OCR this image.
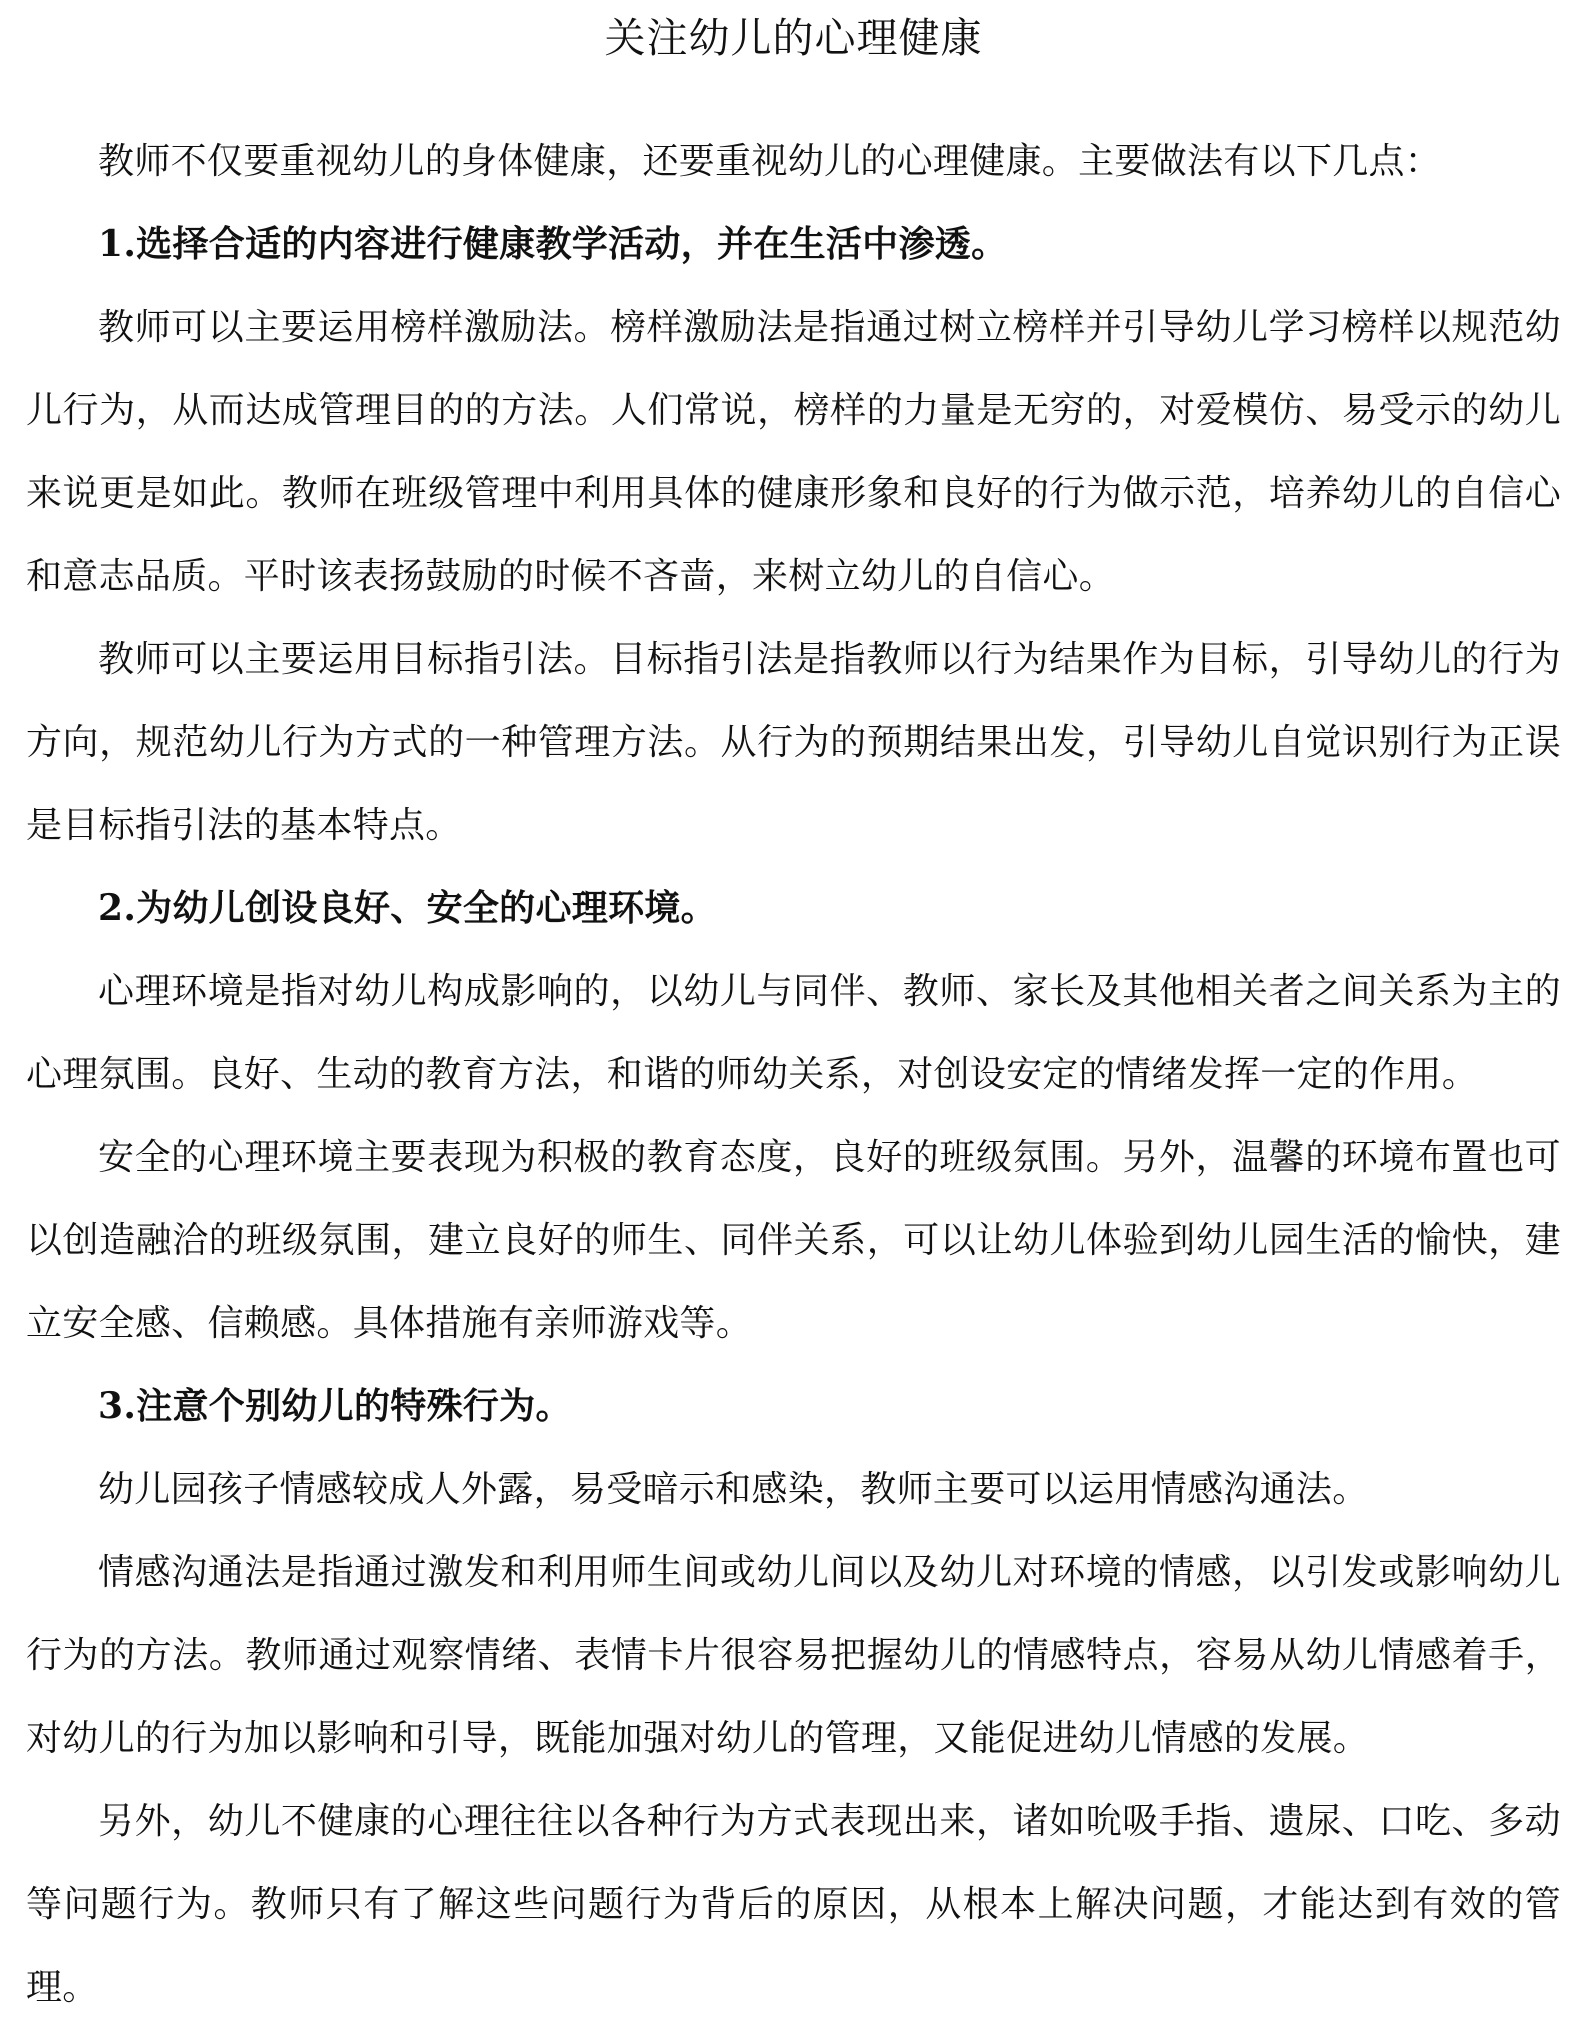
关注幼儿的心理健康

教师不仅要重视幼儿的身体健康，还要重视幼儿的心理健康。主要做法有以下几点：

1.选择合适的内容进行健康教学活动，并在生活中渗透。

教师可以主要运用榜样激励法。榜样激励法是指通过树立榜样并引导幼儿学习榜样以规范幼儿行为，从而达成管理目的的方法。人们常说，榜样的力量是无穷的，对爱模仿、易受示的幼儿来说更是如此。教师在班级管理中利用具体的健康形象和良好的行为做示范，培养幼儿的自信心和意志品质。平时该表扬鼓励的时候不吝啬，来树立幼儿的自信心。

教师可以主要运用目标指引法。目标指引法是指教师以行为结果作为目标，引导幼儿的行为方向，规范幼儿行为方式的一种管理方法。从行为的预期结果出发，引导幼儿自觉识别行为正误是目标指引法的基本特点。

2.为幼儿创设良好、安全的心理环境。

心理环境是指对幼儿构成影响的，以幼儿与同伴、教师、家长及其他相关者之间关系为主的心理氛围。良好、生动的教育方法，和谐的师幼关系，对创设安定的情绪发挥一定的作用。

安全的心理环境主要表现为积极的教育态度，良好的班级氛围。另外，温馨的环境布置也可以创造融洽的班级氛围，建立良好的师生、同伴关系，可以让幼儿体验到幼儿园生活的愉快，建立安全感、信赖感。具体措施有亲师游戏等。

3.注意个别幼儿的特殊行为。

幼儿园孩子情感较成人外露，易受暗示和感染，教师主要可以运用情感沟通法。

情感沟通法是指通过激发和利用师生间或幼儿间以及幼儿对环境的情感，以引发或影响幼儿行为的方法。教师通过观察情绪、表情卡片很容易把握幼儿的情感特点，容易从幼儿情感着手，对幼儿的行为加以影响和引导，既能加强对幼儿的管理，又能促进幼儿情感的发展。

另外，幼儿不健康的心理往往以各种行为方式表现出来，诸如吮吸手指、遗尿、口吃、多动等问题行为。教师只有了解这些问题行为背后的原因，从根本上解决问题，才能达到有效的管理。
